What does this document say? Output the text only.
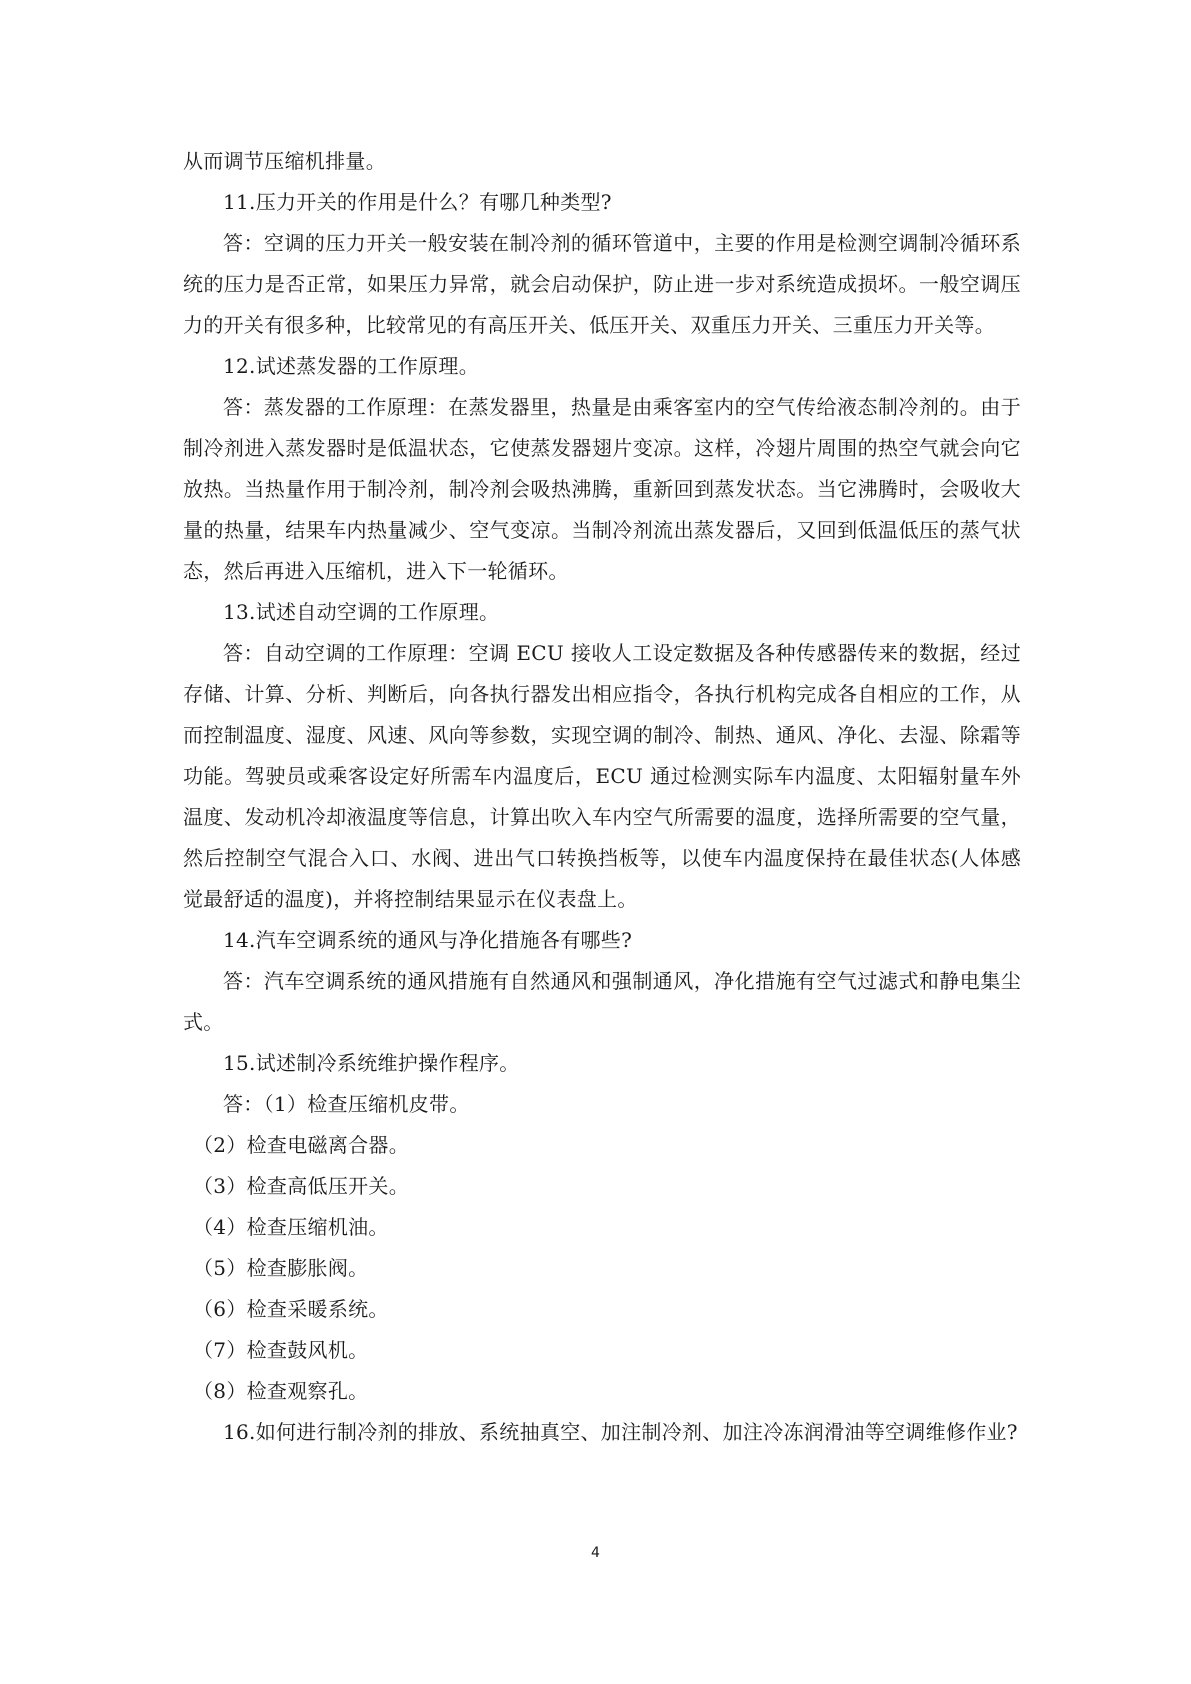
从而调节压缩机排量。

11.压力开关的作用是什么？有哪几种类型?

答：空调的压力开关一般安装在制冷剂的循环管道中，主要的作用是检测空调制冷循环系统的压力是否正常，如果压力异常，就会启动保护，防止进一步对系统造成损坏。一般空调压力的开关有很多种，比较常见的有高压开关、低压开关、双重压力开关、三重压力开关等。

12.试述蒸发器的工作原理。

答：蒸发器的工作原理：在蒸发器里，热量是由乘客室内的空气传给液态制冷剂的。由于制冷剂进入蒸发器时是低温状态，它使蒸发器翅片变凉。这样，冷翅片周围的热空气就会向它放热。当热量作用于制冷剂，制冷剂会吸热沸腾，重新回到蒸发状态。当它沸腾时，会吸收大量的热量，结果车内热量减少、空气变凉。当制冷剂流出蒸发器后，又回到低温低压的蒸气状态，然后再进入压缩机，进入下一轮循环。

13.试述自动空调的工作原理。

答：自动空调的工作原理：空调 ECU 接收人工设定数据及各种传感器传来的数据，经过存储、计算、分析、判断后，向各执行器发出相应指令，各执行机构完成各自相应的工作，从而控制温度、湿度、风速、风向等参数，实现空调的制冷、制热、通风、净化、去湿、除霜等功能。驾驶员或乘客设定好所需车内温度后，ECU 通过检测实际车内温度、太阳辐射量车外温度、发动机冷却液温度等信息，计算出吹入车内空气所需要的温度，选择所需要的空气量，然后控制空气混合入口、水阀、进出气口转换挡板等，以使车内温度保持在最佳状态(人体感觉最舒适的温度)，并将控制结果显示在仪表盘上。

14.汽车空调系统的通风与净化措施各有哪些?

答：汽车空调系统的通风措施有自然通风和强制通风，净化措施有空气过滤式和静电集尘式。

15.试述制冷系统维护操作程序。

答：（1）检查压缩机皮带。

（2）检查电磁离合器。

（3）检查高低压开关。

（4）检查压缩机油。

（5）检查膨胀阀。

（6）检查采暖系统。

（7）检查鼓风机。

（8）检查观察孔。

16.如何进行制冷剂的排放、系统抽真空、加注制冷剂、加注冷冻润滑油等空调维修作业?

4
